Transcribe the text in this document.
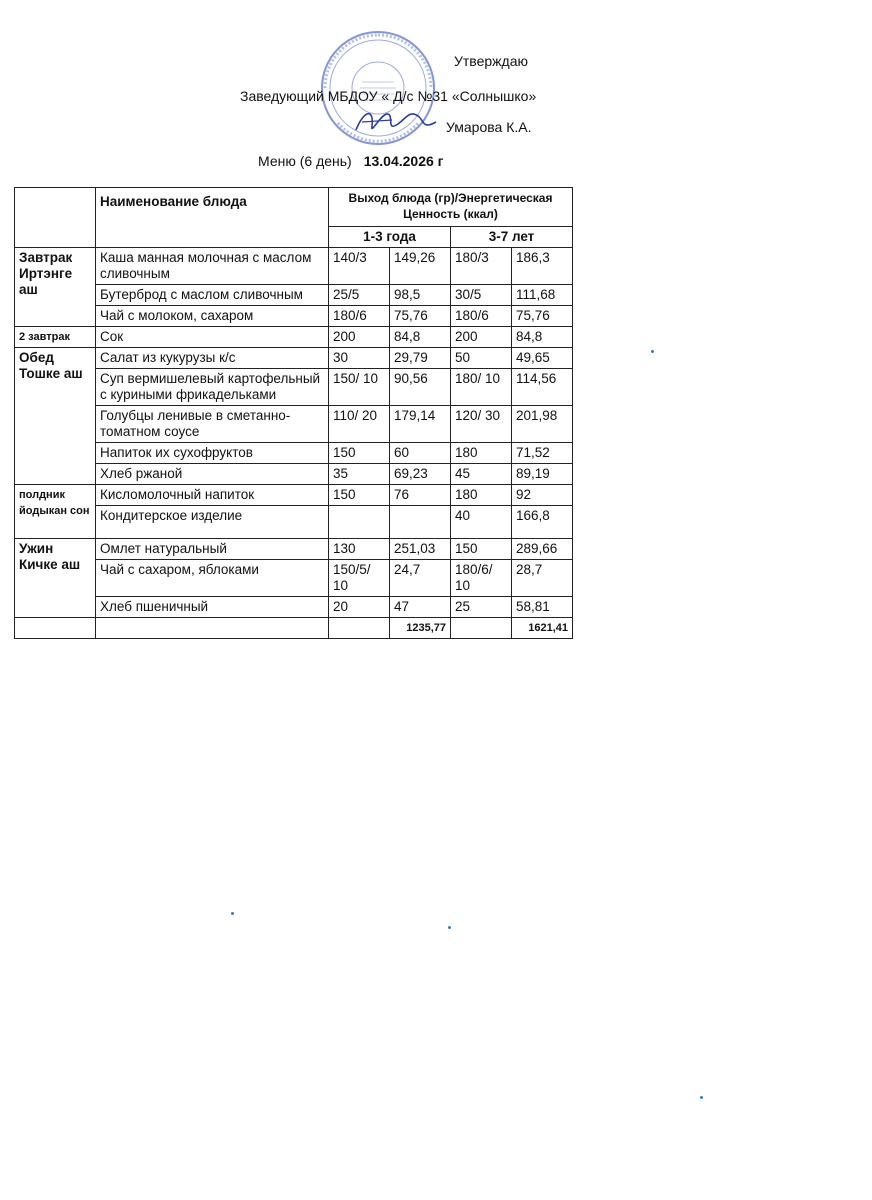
Утверждаю
Заведующий МБДОУ « Д/с №31 «Солнышко»
Умарова К.А.
Меню (6 день) 13.04.2026 г
	Наименование блюда	Выход блюда (гр)/Энергетическая Ценность (ккал)			
		1-3 года		3-7 лет	
Завтрак Иртэнге аш	Каша манная молочная с маслом сливочным	140/3	149,26	180/3	186,3
	Бутерброд с маслом сливочным	25/5	98,5	30/5	111,68
	Чай с молоком, сахаром	180/6	75,76	180/6	75,76
2 завтрак	Сок	200	84,8	200	84,8
Обед Тошке аш	Салат из кукурузы к/с	30	29,79	50	49,65
	Суп вермишелевый картофельный с куриными фрикадельками	150/ 10	90,56	180/ 10	114,56
	Голубцы ленивые в сметанно-томатном соусе	110/ 20	179,14	120/ 30	201,98
	Напиток их сухофруктов	150	60	180	71,52
	Хлеб ржаной	35	69,23	45	89,19
полдник йодыкан сон	Кисломолочный напиток	150	76	180	92
	Кондитерское изделие			40	166,8
Ужин Кичке аш	Омлет натуральный	130	251,03	150	289,66
	Чай с сахаром, яблоками	150/5/ 10	24,7	180/6/ 10	28,7
	Хлеб пшеничный	20	47	25	58,81
			1235,77		1621,41
